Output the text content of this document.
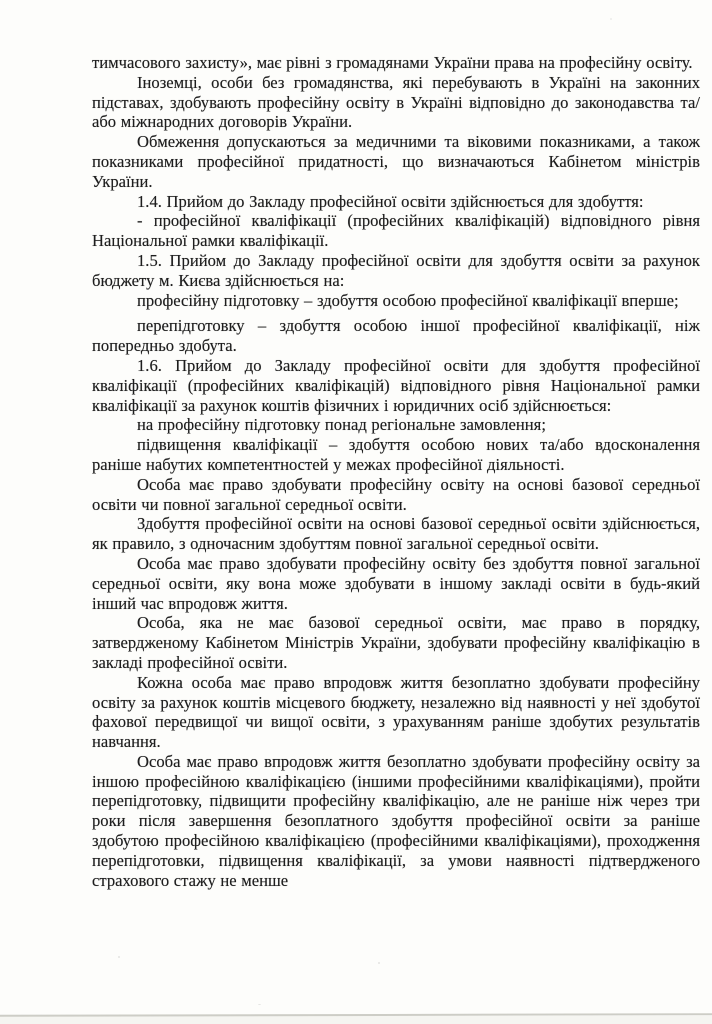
тимчасового захисту», має рівні з громадянами України права на професійну освіту.

Іноземці, особи без громадянства, які перебувають в Україні на законних підставах, здобувають професійну освіту в Україні відповідно до законодавства та/або міжнародних договорів України.

Обмеження допускаються за медичними та віковими показниками, а також показниками професійної придатності, що визначаються Кабінетом міністрів України.

1.4. Прийом до Закладу професійної освіти здійснюється для здобуття:

- професійної кваліфікації (професійних кваліфікацій) відповідного рівня Національної рамки кваліфікації.

1.5. Прийом до Закладу професійної освіти для здобуття освіти за рахунок бюджету м. Києва здійснюється на:

професійну підготовку – здобуття особою професійної кваліфікації вперше;

перепідготовку – здобуття особою іншої професійної кваліфікації, ніж попередньо здобута.

1.6. Прийом до Закладу професійної освіти для здобуття професійної кваліфікації (професійних кваліфікацій) відповідного рівня Національної рамки кваліфікації за рахунок коштів фізичних і юридичних осіб здійснюється:

на професійну підготовку понад регіональне замовлення;

підвищення кваліфікації – здобуття особою нових та/або вдосконалення раніше набутих компетентностей у межах професійної діяльності.

Особа має право здобувати професійну освіту на основі базової середньої освіти чи повної загальної середньої освіти.

Здобуття професійної освіти на основі базової середньої освіти здійснюється, як правило, з одночасним здобуттям повної загальної середньої освіти.

Особа має право здобувати професійну освіту без здобуття повної загальної середньої освіти, яку вона може здобувати в іншому закладі освіти в будь-який інший час впродовж життя.

Особа, яка не має базової середньої освіти, має право в порядку, затвердженому Кабінетом Міністрів України, здобувати професійну кваліфікацію в закладі професійної освіти.

Кожна особа має право впродовж життя безоплатно здобувати професійну освіту за рахунок коштів місцевого бюджету, незалежно від наявності у неї здобутої фахової передвищої чи вищої освіти, з урахуванням раніше здобутих результатів навчання.

Особа має право впродовж життя безоплатно здобувати професійну освіту за іншою професійною кваліфікацією (іншими професійними кваліфікаціями), пройти перепідготовку, підвищити професійну кваліфікацію, але не раніше ніж через три роки після завершення безоплатного здобуття професійної освіти за раніше здобутою професійною кваліфікацією (професійними кваліфікаціями), проходження перепідготовки, підвищення кваліфікації, за умови наявності підтвердженого страхового стажу не менше
